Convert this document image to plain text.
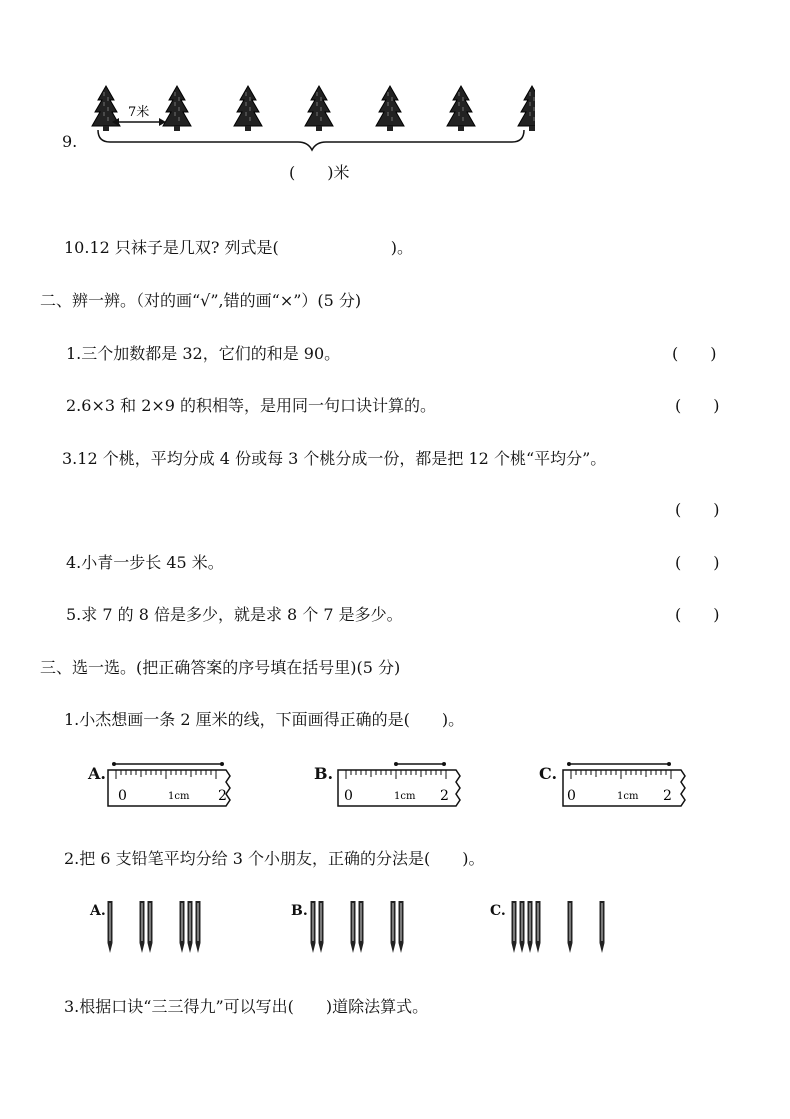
9.
7米
(　　)米
10.12 只袜子是几双? 列式是(　　　　　　　)。
二、辨一辨。（对的画“√”,错的画“×”）(5 分)
1.三个加数都是 32，它们的和是 90。	(　　)
2.6×3 和 2×9 的积相等，是用同一句口诀计算的。	(　　)
3.12 个桃，平均分成 4 份或每 3 个桃分成一份，都是把 12 个桃“平均分”。
(　　)
4.小青一步长 45 米。	(　　)
5.求 7 的 8 倍是多少，就是求 8 个 7 是多少。	(　　)
三、选一选。(把正确答案的序号填在括号里)(5 分)
1.小杰想画一条 2 厘米的线，下面画得正确的是(　　)。
A.
0	1cm 2
B.
0	1cm 2
C.
0	1cm 2
2.把 6 支铅笔平均分给 3 个小朋友，正确的分法是(　　)。
A.	B.	C.
3.根据口诀“三三得九”可以写出(　　)道除法算式。
